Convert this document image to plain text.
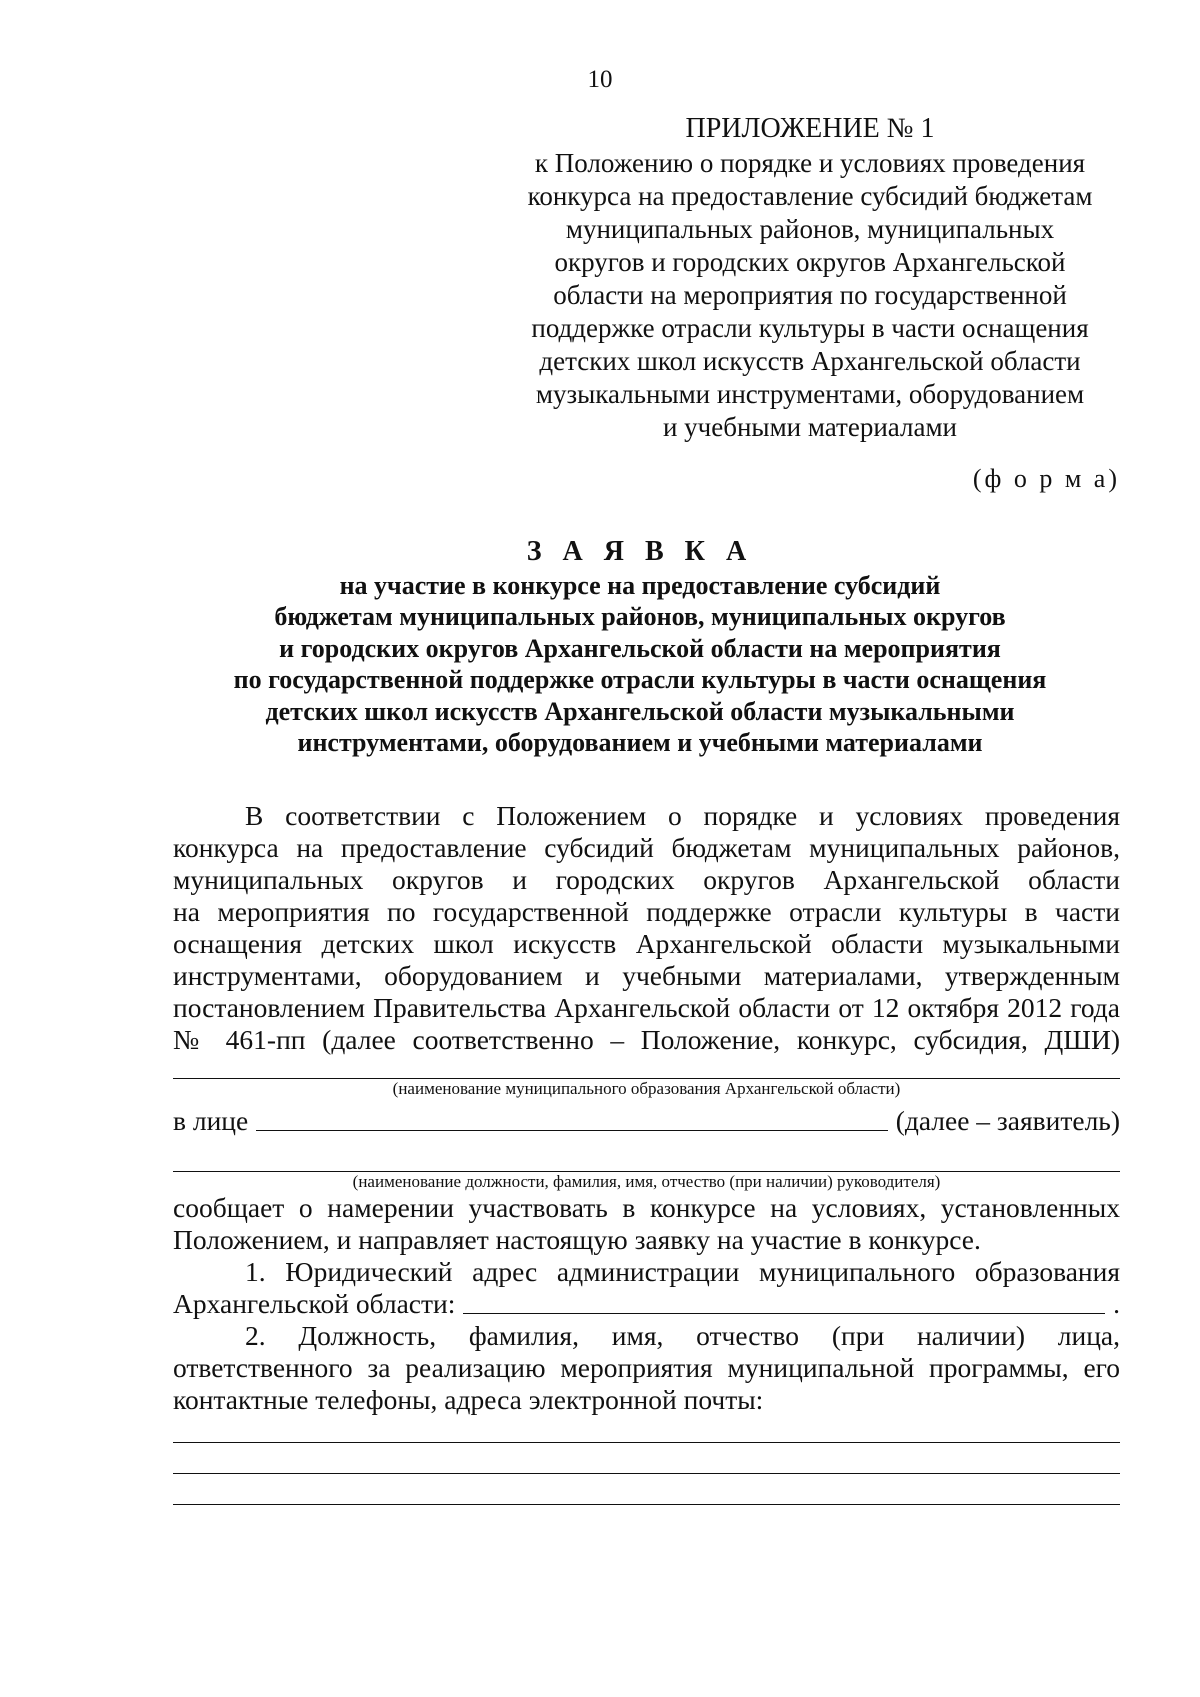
10
ПРИЛОЖЕНИЕ № 1
к Положению о порядке и условиях проведения
конкурса на предоставление субсидий бюджетам
муниципальных районов, муниципальных
округов и городских округов Архангельской
области на мероприятия по государственной
поддержке отрасли культуры в части оснащения
детских школ искусств Архангельской области
музыкальными инструментами, оборудованием
и учебными материалами
(ф о р м а)
З А Я В К А
на участие в конкурсе на предоставление субсидий
бюджетам муниципальных районов, муниципальных округов
и городских округов Архангельской области на мероприятия
по государственной поддержке отрасли культуры в части оснащения
детских школ искусств Архангельской области музыкальными
инструментами, оборудованием и учебными материалами
В соответствии с Положением о порядке и условиях проведения
конкурса на предоставление субсидий бюджетам муниципальных районов,
муниципальных округов и городских округов Архангельской области
на мероприятия по государственной поддержке отрасли культуры в части
оснащения детских школ искусств Архангельской области музыкальными
инструментами, оборудованием и учебными материалами, утвержденным
постановлением Правительства Архангельской области от 12 октября 2012 года
№ 461-пп (далее соответственно – Положение, конкурс, субсидия, ДШИ)
(наименование муниципального образования Архангельской области)
в лице	(далее – заявитель)
(наименование должности, фамилия, имя, отчество (при наличии) руководителя)
сообщает о намерении участвовать в конкурсе на условиях, установленных
Положением, и направляет настоящую заявку на участие в конкурсе.
1. Юридический адрес администрации муниципального образования
Архангельской области:	.
2. Должность, фамилия, имя, отчество (при наличии) лица,
ответственного за реализацию мероприятия муниципальной программы, его
контактные телефоны, адреса электронной почты:
